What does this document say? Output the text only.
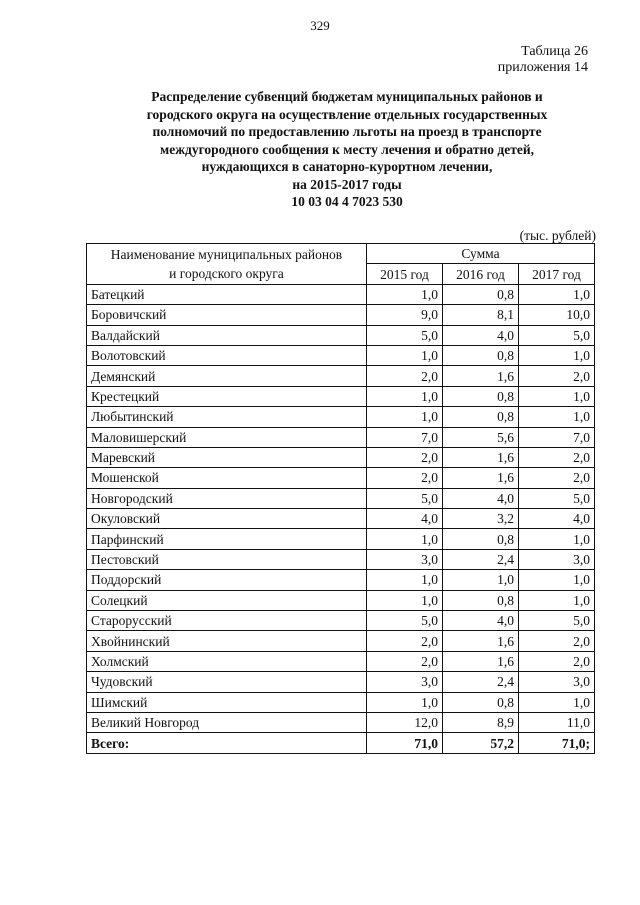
329
Таблица 26
приложения 14
Распределение субвенций бюджетам муниципальных районов и
городского округа на осуществление отдельных государственных
полномочий по предоставлению льготы на проезд в транспорте
междугородного сообщения к месту лечения и обратно детей,
нуждающихся в санаторно-курортном лечении,
на 2015-2017 годы
10 03 04 4 7023 530
(тыс. рублей)
Наименование муниципальных районов
и городского округа	Сумма		
	2015 год	2016 год	2017 год
Батецкий	1,0	0,8	1,0
Боровичский	9,0	8,1	10,0
Валдайский	5,0	4,0	5,0
Волотовский	1,0	0,8	1,0
Демянский	2,0	1,6	2,0
Крестецкий	1,0	0,8	1,0
Любытинский	1,0	0,8	1,0
Маловишерский	7,0	5,6	7,0
Маревский	2,0	1,6	2,0
Мошенской	2,0	1,6	2,0
Новгородский	5,0	4,0	5,0
Окуловский	4,0	3,2	4,0
Парфинский	1,0	0,8	1,0
Пестовский	3,0	2,4	3,0
Поддорский	1,0	1,0	1,0
Солецкий	1,0	0,8	1,0
Старорусский	5,0	4,0	5,0
Хвойнинский	2,0	1,6	2,0
Холмский	2,0	1,6	2,0
Чудовский	3,0	2,4	3,0
Шимский	1,0	0,8	1,0
Великий Новгород	12,0	8,9	11,0
Всего:	71,0	57,2	71,0;
